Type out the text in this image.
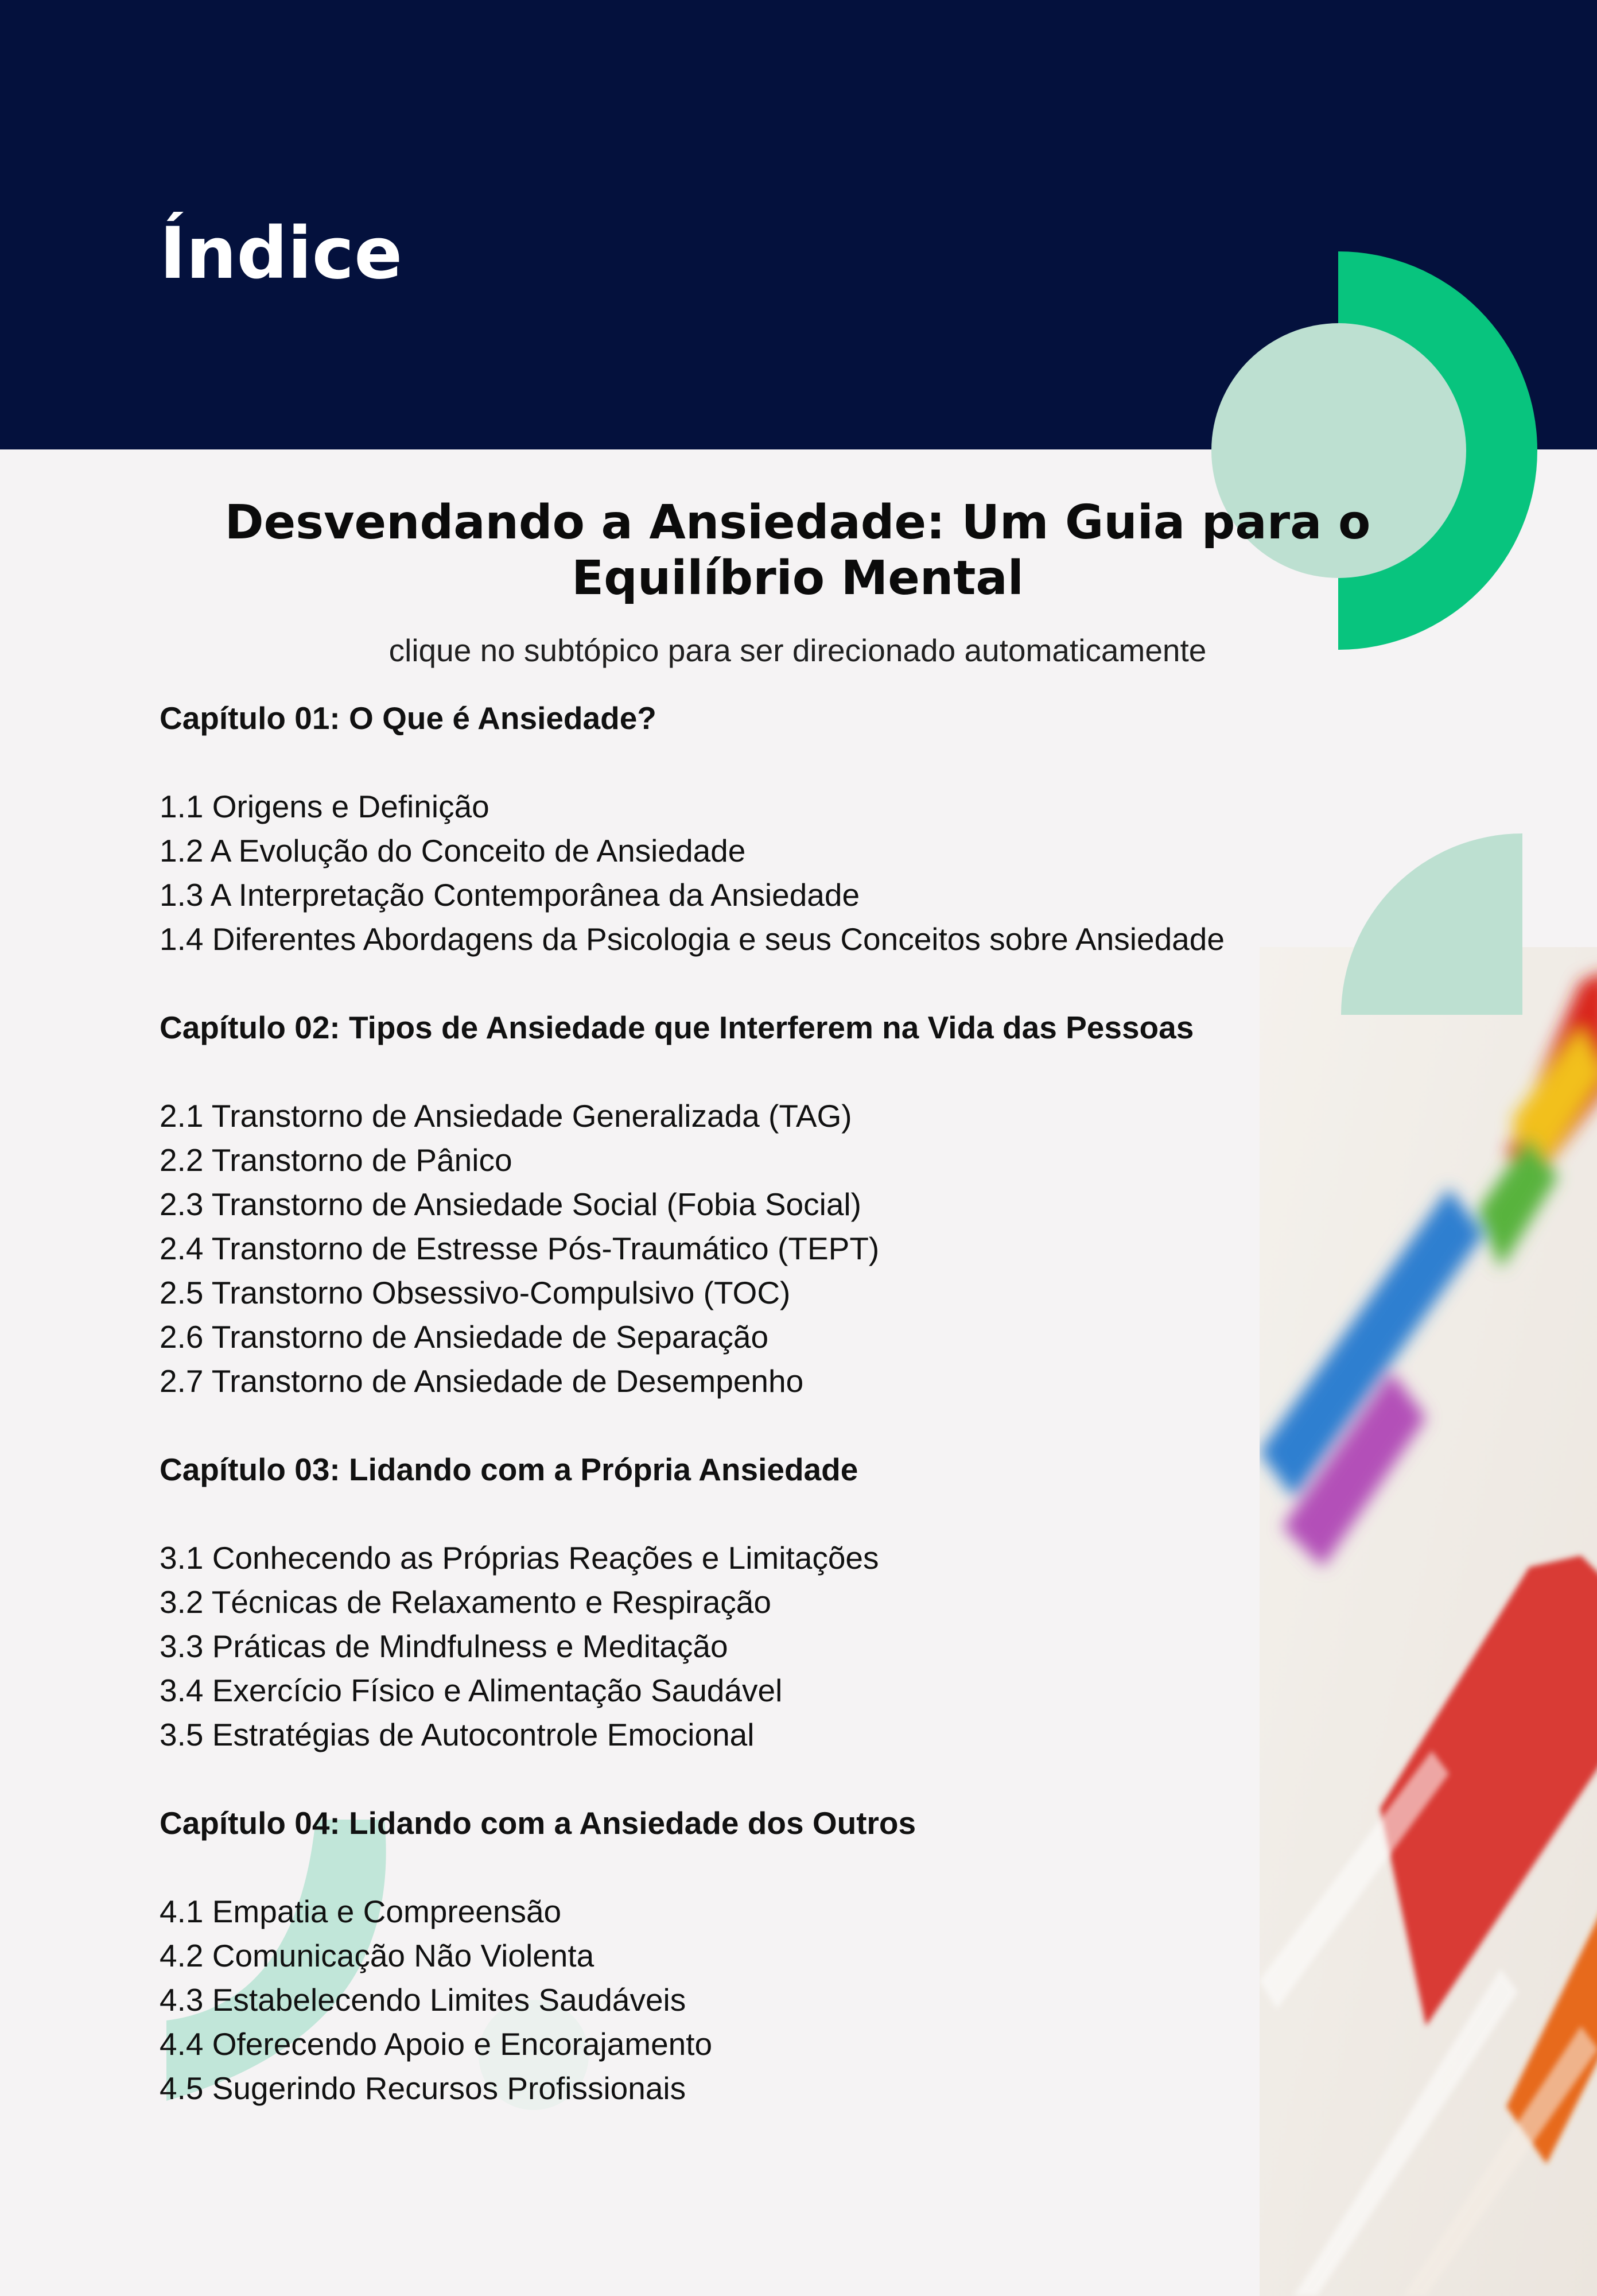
Índice
Desvendando a Ansiedade: Um Guia para o Equilíbrio Mental
clique no subtópico para ser direcionado automaticamente
Capítulo 01: O Que é Ansiedade?
1.1 Origens e Definição
1.2 A Evolução do Conceito de Ansiedade
1.3 A Interpretação Contemporânea da Ansiedade
1.4 Diferentes Abordagens da Psicologia e seus Conceitos sobre Ansiedade
Capítulo 02: Tipos de Ansiedade que Interferem na Vida das Pessoas
2.1 Transtorno de Ansiedade Generalizada (TAG)
2.2 Transtorno de Pânico
2.3 Transtorno de Ansiedade Social (Fobia Social)
2.4 Transtorno de Estresse Pós-Traumático (TEPT)
2.5 Transtorno Obsessivo-Compulsivo (TOC)
2.6 Transtorno de Ansiedade de Separação
2.7 Transtorno de Ansiedade de Desempenho
Capítulo 03: Lidando com a Própria Ansiedade
3.1 Conhecendo as Próprias Reações e Limitações
3.2 Técnicas de Relaxamento e Respiração
3.3 Práticas de Mindfulness e Meditação
3.4 Exercício Físico e Alimentação Saudável
3.5 Estratégias de Autocontrole Emocional
Capítulo 04: Lidando com a Ansiedade dos Outros
4.1 Empatia e Compreensão
4.2 Comunicação Não Violenta
4.3 Estabelecendo Limites Saudáveis
4.4 Oferecendo Apoio e Encorajamento
4.5 Sugerindo Recursos Profissionais
